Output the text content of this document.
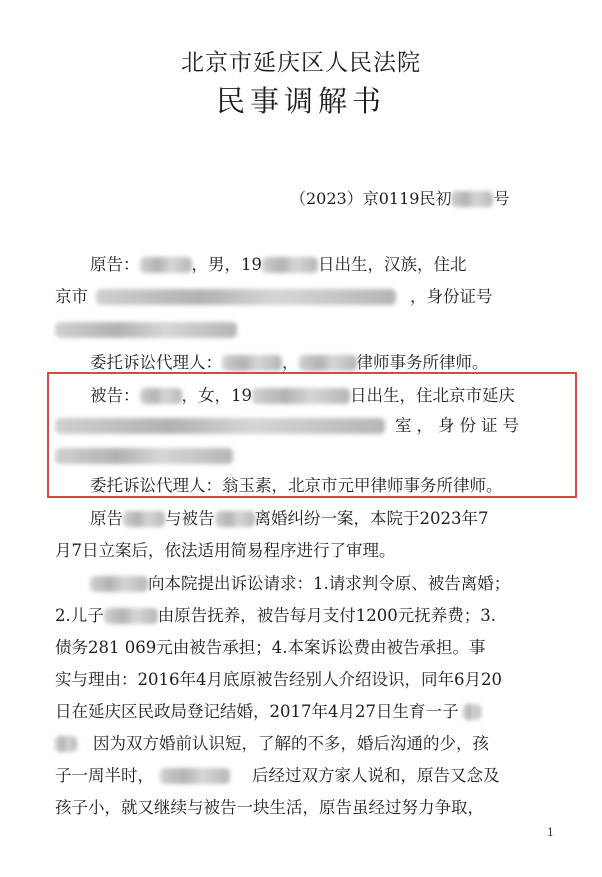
北京市延庆区人民法院
民事调解书
（2023）京0119民初	号
原告：	，男，19	日出生，汉族，住北
京市	，身份证号
委托诉讼代理人：	，	律师事务所律师。
被告：	，女，19	日出生，住北京市延庆
室，身份证号
委托诉讼代理人：翁玉素，北京市元甲律师事务所律师。
原告	与被告 离婚纠纷一案，本院于2023年7
月7日立案后，依法适用简易程序进行了审理。
向本院提出诉讼请求：1.请求判令原、被告离婚；
2.儿子	由原告抚养，被告每月支付1200元抚养费；3.
债务281 069元由被告承担；4.本案诉讼费由被告承担。事
实与理由：2016年4月底原被告经别人介绍设识，同年6月20
日在延庆区民政局登记结婚，2017年4月27日生育一子
因为双方婚前认识短，了解的不多，婚后沟通的少，孩
子一周半时，	后经过双方家人说和，原告又念及
孩子小，就又继续与被告一块生活，原告虽经过努力争取，
1
